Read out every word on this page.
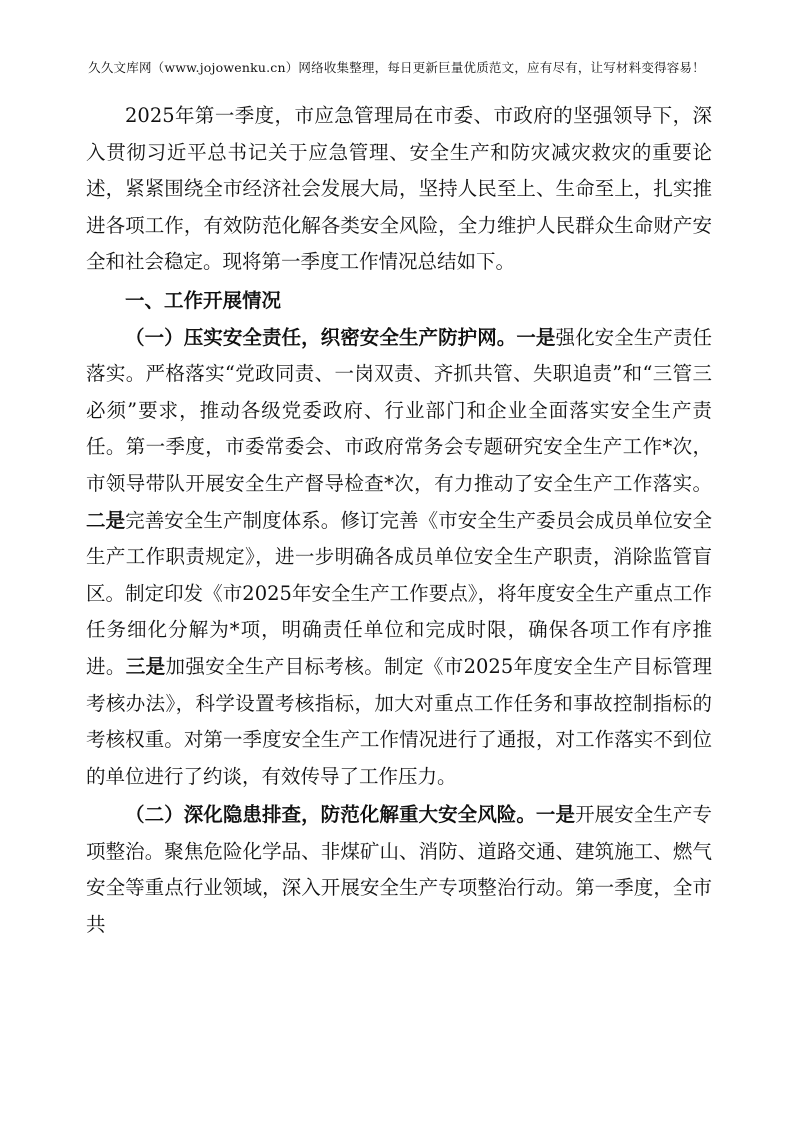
久久文库网（www.jojowenku.cn）网络收集整理，每日更新巨量优质范文，应有尽有，让写材料变得容易！

2025年第一季度，市应急管理局在市委、市政府的坚强领导下，深入贯彻习近平总书记关于应急管理、安全生产和防灾减灾救灾的重要论述，紧紧围绕全市经济社会发展大局，坚持人民至上、生命至上，扎实推进各项工作，有效防范化解各类安全风险，全力维护人民群众生命财产安全和社会稳定。现将第一季度工作情况总结如下。

一、工作开展情况

（一）压实安全责任，织密安全生产防护网。一是强化安全生产责任落实。严格落实“党政同责、一岗双责、齐抓共管、失职追责”和“三管三必须”要求，推动各级党委政府、行业部门和企业全面落实安全生产责任。第一季度，市委常委会、市政府常务会专题研究安全生产工作*次，市领导带队开展安全生产督导检查*次，有力推动了安全生产工作落实。二是完善安全生产制度体系。修订完善《市安全生产委员会成员单位安全生产工作职责规定》，进一步明确各成员单位安全生产职责，消除监管盲区。制定印发《市2025年安全生产工作要点》，将年度安全生产重点工作任务细化分解为*项，明确责任单位和完成时限，确保各项工作有序推进。三是加强安全生产目标考核。制定《市2025年度安全生产目标管理考核办法》，科学设置考核指标，加大对重点工作任务和事故控制指标的考核权重。对第一季度安全生产工作情况进行了通报，对工作落实不到位的单位进行了约谈，有效传导了工作压力。

（二）深化隐患排查，防范化解重大安全风险。一是开展安全生产专项整治。聚焦危险化学品、非煤矿山、消防、道路交通、建筑施工、燃气安全等重点行业领域，深入开展安全生产专项整治行动。第一季度，全市共
